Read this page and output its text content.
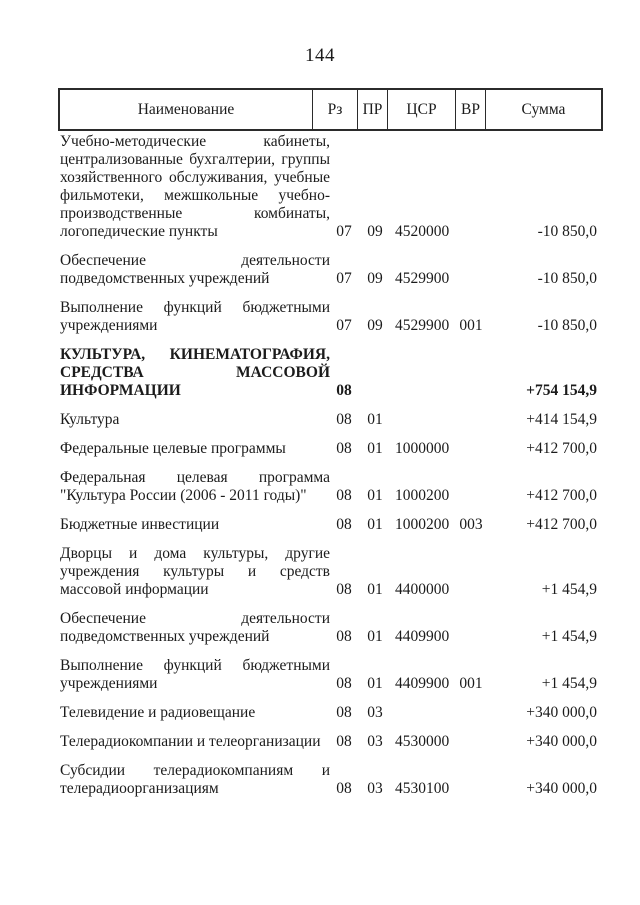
144
Наименование	Рз	ПР	ЦСР	ВР	Сумма
Учебно-методические кабинеты, централизованные бухгалтерии, группы хозяйственного обслуживания, учебные фильмотеки, межшкольные учебно-производственные комбинаты, логопедические пункты	07	09 4520000	-10 850,0
Обеспечение деятельности подведомственных учреждений	07	09 4529900	-10 850,0
Выполнение функций бюджетными учреждениями	07	09 4529900 001	-10 850,0
КУЛЬТУРА, КИНЕМАТОГРАФИЯ, СРЕДСТВА МАССОВОЙ ИНФОРМАЦИИ	08	+754 154,9
Культура	08	01	+414 154,9
Федеральные целевые программы	08	01 1000000	+412 700,0
Федеральная целевая программа "Культура России (2006 - 2011 годы)"	08	01 1000200	+412 700,0
Бюджетные инвестиции	08	01 1000200 003	+412 700,0
Дворцы и дома культуры, другие учреждения культуры и средств массовой информации	08	01 4400000	+1 454,9
Обеспечение деятельности подведомственных учреждений	08	01 4409900	+1 454,9
Выполнение функций бюджетными учреждениями	08	01 4409900 001	+1 454,9
Телевидение и радиовещание	08	03	+340 000,0
Телерадиокомпании и телеорганизации	08	03 4530000	+340 000,0
Субсидии телерадиокомпаниям и телерадиоорганизациям	08	03 4530100	+340 000,0
